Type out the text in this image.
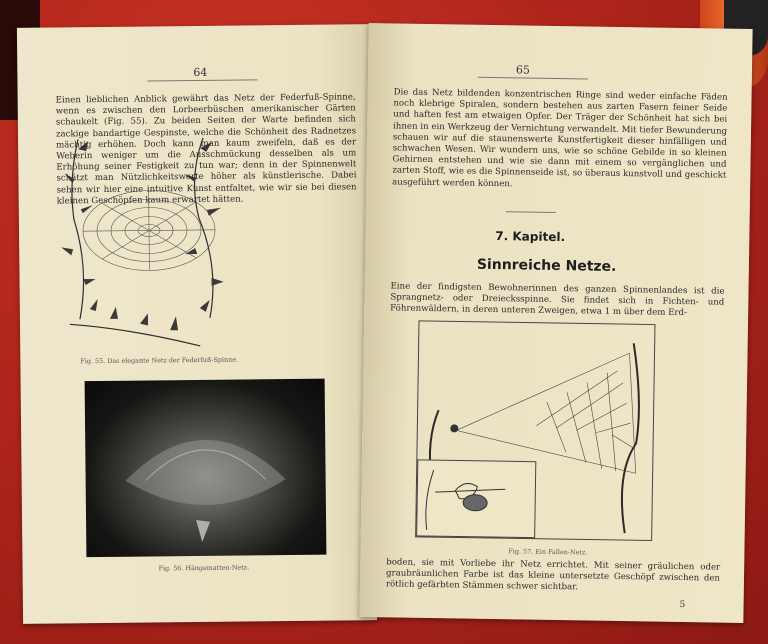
64
Fig. 55. Das elegante Netz der Federfuß-Spinne.
Einen lieblichen Anblick gewährt das Netz der Federfuß-Spinne, wenn es zwischen den Lorbeerbüschen amerikanischer Gärten schaukelt (Fig. 55). Zu beiden Seiten der Warte befinden sich zackige bandartige Gespinste, welche die Schönheit des Radnetzes mächtig erhöhen. Doch kann man kaum zweifeln, daß es der Weberin weniger um die Ausschmückung desselben als um Erhöhung seiner Festigkeit zu tun war; denn in der Spinnenwelt schätzt man Nützlichkeitswerte höher als künstlerische. Dabei sehen wir hier eine intuitive Kunst entfaltet, wie wir sie bei diesen kleinen Geschöpfen kaum erwartet hätten.
Fig. 56. Hängematten-Netz.
65
Die das Netz bildenden konzentrischen Ringe sind weder einfache Fäden noch klebrige Spiralen, sondern bestehen aus zarten Fasern feiner Seide und haften fest am etwaigen Opfer. Der Träger der Schönheit hat sich bei ihnen in ein Werkzeug der Vernichtung verwandelt. Mit tiefer Bewunderung schauen wir auf die staunenswerte Kunstfertigkeit dieser hinfälligen und schwachen Wesen. Wir wundern uns, wie so schöne Gebilde in so kleinen Gehirnen entstehen und wie sie dann mit einem so vergänglichen und zarten Stoff, wie es die Spinnenseide ist, so überaus kunstvoll und geschickt ausgeführt werden können.
7. Kapitel.
Sinnreiche Netze.
Eine der findigsten Bewohnerinnen des ganzen Spinnenlandes ist die Sprangnetz- oder Dreiecksspinne. Sie findet sich in Fichten- und Föhrenwäldern, in deren unteren Zweigen, etwa 1 m über dem Erd-
Fig. 57. Ein Fallen-Netz.
boden, sie mit Vorliebe ihr Netz errichtet. Mit seiner gräulichen oder graubräunlichen Farbe ist das kleine untersetzte Geschöpf zwischen den rötlich gefärbten Stämmen schwer sichtbar.
5
